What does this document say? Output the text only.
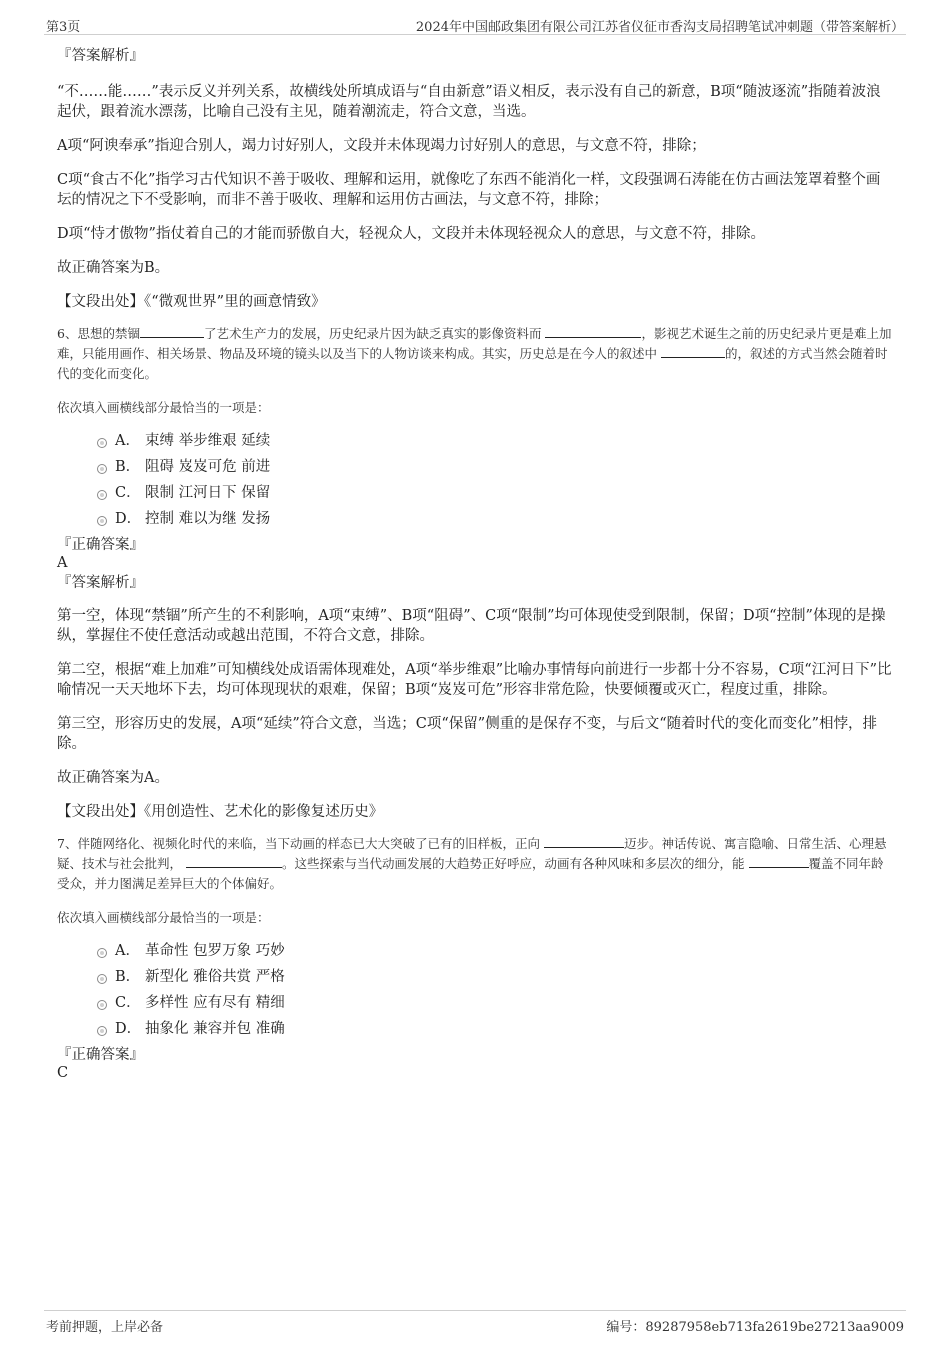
第3页	2024年中国邮政集团有限公司江苏省仪征市香沟支局招聘笔试冲刺题（带答案解析）

『答案解析』

“不……能……”表示反义并列关系，故横线处所填成语与“自由新意”语义相反，表示没有自己的新意，B项“随波逐流”指随着波浪起伏，跟着流水漂荡，比喻自己没有主见，随着潮流走，符合文意，当选。

A项“阿谀奉承”指迎合别人，竭力讨好别人，文段并未体现竭力讨好别人的意思，与文意不符，排除；

C项“食古不化”指学习古代知识不善于吸收、理解和运用，就像吃了东西不能消化一样，文段强调石涛能在仿古画法笼罩着整个画坛的情况之下不受影响，而非不善于吸收、理解和运用仿古画法，与文意不符，排除；

D项“恃才傲物”指仗着自己的才能而骄傲自大，轻视众人，文段并未体现轻视众人的意思，与文意不符，排除。

故正确答案为B。

【文段出处】《“微观世界”里的画意情致》

6、思想的禁锢	了艺术生产力的发展，历史纪录片因为缺乏真实的影像资料而	，影视艺术诞生之前的历史纪录片更是难上加难，只能用画作、相关场景、物品及环境的镜头以及当下的人物访谈来构成。其实，历史总是在今人的叙述中	的，叙述的方式当然会随着时代的变化而变化。

依次填入画横线部分最恰当的一项是：

A． 束缚 举步维艰 延续
B． 阻碍 岌岌可危 前进
C． 限制 江河日下 保留
D． 控制 难以为继 发扬

『正确答案』

A

『答案解析』

第一空，体现“禁锢”所产生的不利影响，A项“束缚”、B项“阻碍”、C项“限制”均可体现使受到限制，保留；D项“控制”体现的是操纵，掌握住不使任意活动或越出范围，不符合文意，排除。

第二空，根据“难上加难”可知横线处成语需体现难处，A项“举步维艰”比喻办事情每向前进行一步都十分不容易，C项“江河日下”比喻情况一天天地坏下去，均可体现现状的艰难，保留；B项“岌岌可危”形容非常危险，快要倾覆或灭亡，程度过重，排除。

第三空，形容历史的发展，A项“延续”符合文意，当选；C项“保留”侧重的是保存不变，与后文“随着时代的变化而变化”相悖，排除。

故正确答案为A。

【文段出处】《用创造性、艺术化的影像复述历史》

7、伴随网络化、视频化时代的来临，当下动画的样态已大大突破了已有的旧样板，正向	迈步。神话传说、寓言隐喻、日常生活、心理悬疑、技术与社会批判，	。这些探索与当代动画发展的大趋势正好呼应，动画有各种风味和多层次的细分，能	覆盖不同年龄受众，并力图满足差异巨大的个体偏好。

依次填入画横线部分最恰当的一项是：

A． 革命性 包罗万象 巧妙
B． 新型化 雅俗共赏 严格
C． 多样性 应有尽有 精细
D． 抽象化 兼容并包 准确

『正确答案』

C

考前押题，上岸必备	编号：89287958eb713fa2619be27213aa9009
